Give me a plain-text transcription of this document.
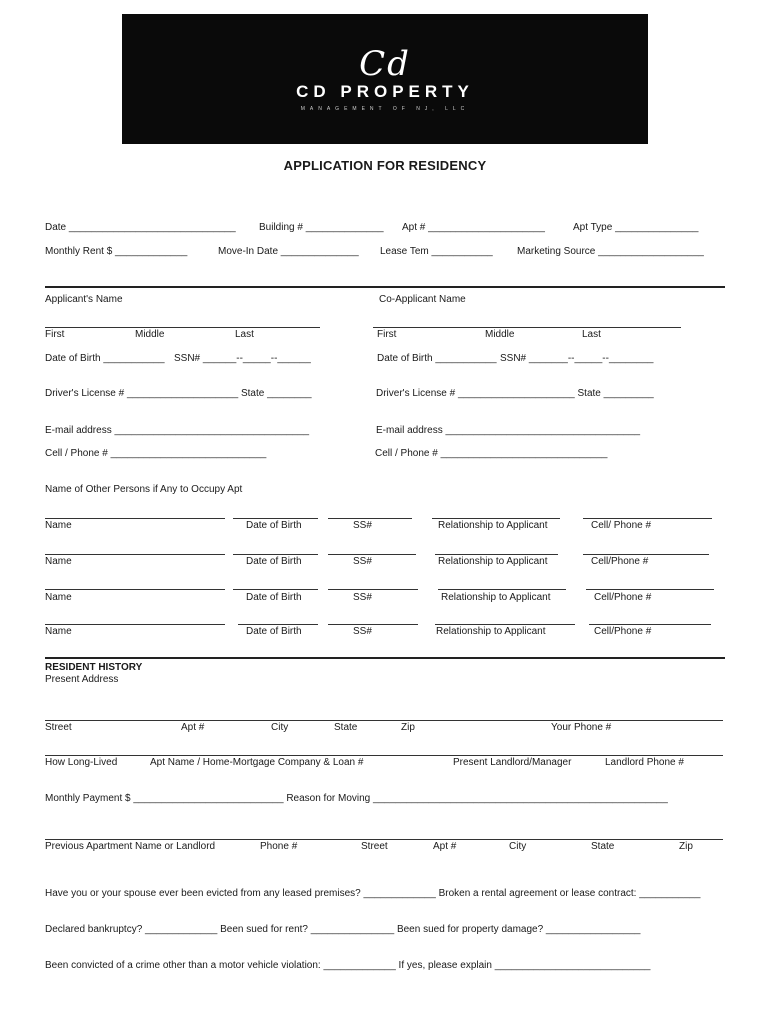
Cd
CD PROPERTY
MANAGEMENT OF NJ, LLC
APPLICATION FOR RESIDENCY
Date ______________________________ Building # ______________ Apt # _____________________	Apt Type _______________
Monthly Rent $ _____________	Move-In Date ______________ Lease Tem ___________ Marketing Source ___________________
Applicant's Name
First	Middle	Last
Date of Birth ___________ SSN# ______--_____--______
Driver's License # ____________________ State ________
E-mail address ___________________________________
Cell / Phone # ____________________________
Co-Applicant Name
First	Middle	Last
Date of Birth ___________ SSN# _______--_____--________
Driver's License # _____________________ State _________
E-mail address ___________________________________
Cell / Phone # ______________________________
Name of Other Persons if Any to Occupy Apt
Name	Date of Birth	SS#	Relationship to Applicant	Cell/ Phone #
Name	Date of Birth	SS#	Relationship to Applicant	Cell/Phone #
Name	Date of Birth	SS#	Relationship to Applicant	Cell/Phone #
Name	Date of Birth	SS#	Relationship to Applicant	Cell/Phone #
RESIDENT HISTORY
Present Address
Street	Apt #	City	State	Zip	Your Phone #
How Long-Lived	Apt Name / Home-Mortgage Company & Loan #	Present Landlord/Manager	Landlord Phone #
Monthly Payment $ ___________________________ Reason for Moving _____________________________________________________
Previous Apartment Name or Landlord	Phone #	Street	Apt #	City	State	Zip
Have you or your spouse ever been evicted from any leased premises? _____________ Broken a rental agreement or lease contract: ___________
Declared bankruptcy? _____________ Been sued for rent? _______________ Been sued for property damage? _________________
Been convicted of a crime other than a motor vehicle violation: _____________ If yes, please explain ____________________________
